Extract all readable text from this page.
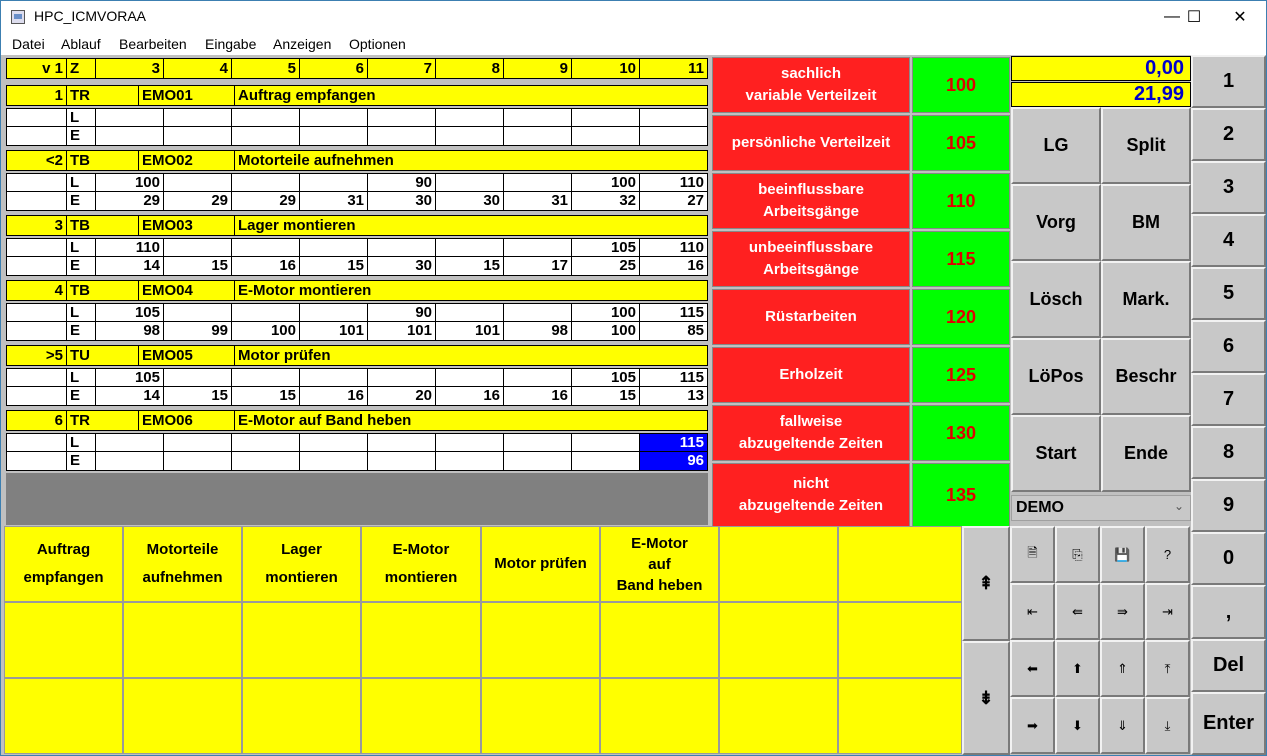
HPC_ICMVORAA	— ☐	✕
Datei Ablauf Bearbeiten Eingabe Anzeigen Optionen
v 1 Z	3	4	5	6	7	8	9	10	11
1 TR	EMO01	Auftrag empfangen
L
E
<2 TB	EMO02	Motorteile aufnehmen
L
E
100
29	29	29	31
90
30	30	31
100
32
110
27
3 TB	EMO03	Lager montieren
L
E
110
14	15	16	15	30	15	17
105
25
110
16
4 TB	EMO04	E-Motor montieren
L
E
105
98	99	100	101
90
101	101	98
100
100
115
85
>5 TU	EMO05	Motor prüfen
L
E
105
14	15	15	16	20	16	16
105
15
115
13
6 TR	EMO06	E-Motor auf Band heben
L
E
115
96
sachlich
variable Verteilzeit
100
persönliche Verteilzeit	105
beeinflussbare
Arbeitsgänge
110
unbeeinflussbare
Arbeitsgänge
115
Rüstarbeiten	120
Erholzeit	125
fallweise
abzugeltende Zeiten
130
nicht
abzugeltende Zeiten
135
0,00
21,99
LG	Split
Vorg	BM
Lösch	Mark.
LöPos	Beschr
Start	Ende
DEMO	⌄
1
2
3
4
5
6
7
8
9
0
,
Del
Enter
Auftrag
empfangen
Motorteile
aufnehmen
Lager
montieren
E-Motor
montieren
Motor prüfen
E-Motor
auf
Band heben	⇞
⇟
🗎	⎘ 💾	?
⇤	⇚	⇛	⇥
⬅	⬆	⇑	⤒
➡	⬇	⇓	⤓
